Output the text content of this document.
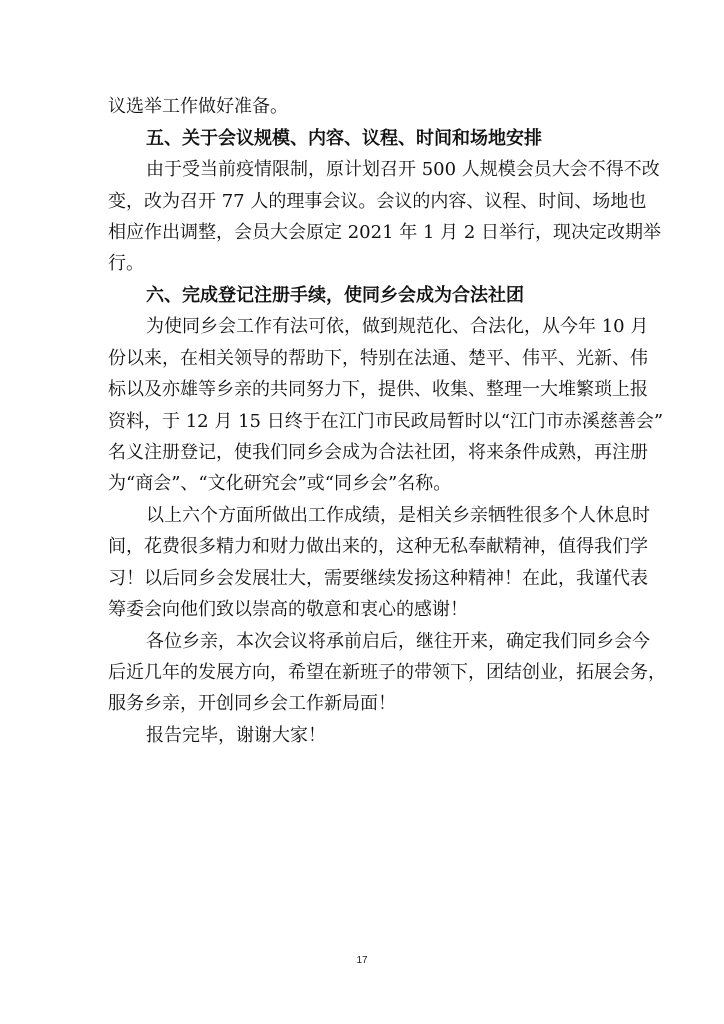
议选举工作做好准备。
五、关于会议规模、内容、议程、时间和场地安排
由于受当前疫情限制，原计划召开 500 人规模会员大会不得不改
变，改为召开 77 人的理事会议。会议的内容、议程、时间、场地也
相应作出调整，会员大会原定 2021 年 1 月 2 日举行，现决定改期举
行。
六、完成登记注册手续，使同乡会成为合法社团
为使同乡会工作有法可依，做到规范化、合法化，从今年 10 月
份以来，在相关领导的帮助下，特别在法通、楚平、伟平、光新、伟
标以及亦雄等乡亲的共同努力下，提供、收集、整理一大堆繁琐上报
资料，于 12 月 15 日终于在江门市民政局暂时以“江门市赤溪慈善会”
名义注册登记，使我们同乡会成为合法社团，将来条件成熟，再注册
为“商会”、“文化研究会”或“同乡会”名称。
以上六个方面所做出工作成绩，是相关乡亲牺牲很多个人休息时
间，花费很多精力和财力做出来的，这种无私奉献精神，值得我们学
习！以后同乡会发展壮大，需要继续发扬这种精神！在此，我谨代表
筹委会向他们致以崇高的敬意和衷心的感谢！
各位乡亲，本次会议将承前启后，继往开来，确定我们同乡会今
后近几年的发展方向，希望在新班子的带领下，团结创业，拓展会务，
服务乡亲，开创同乡会工作新局面！
报告完毕，谢谢大家！
17
